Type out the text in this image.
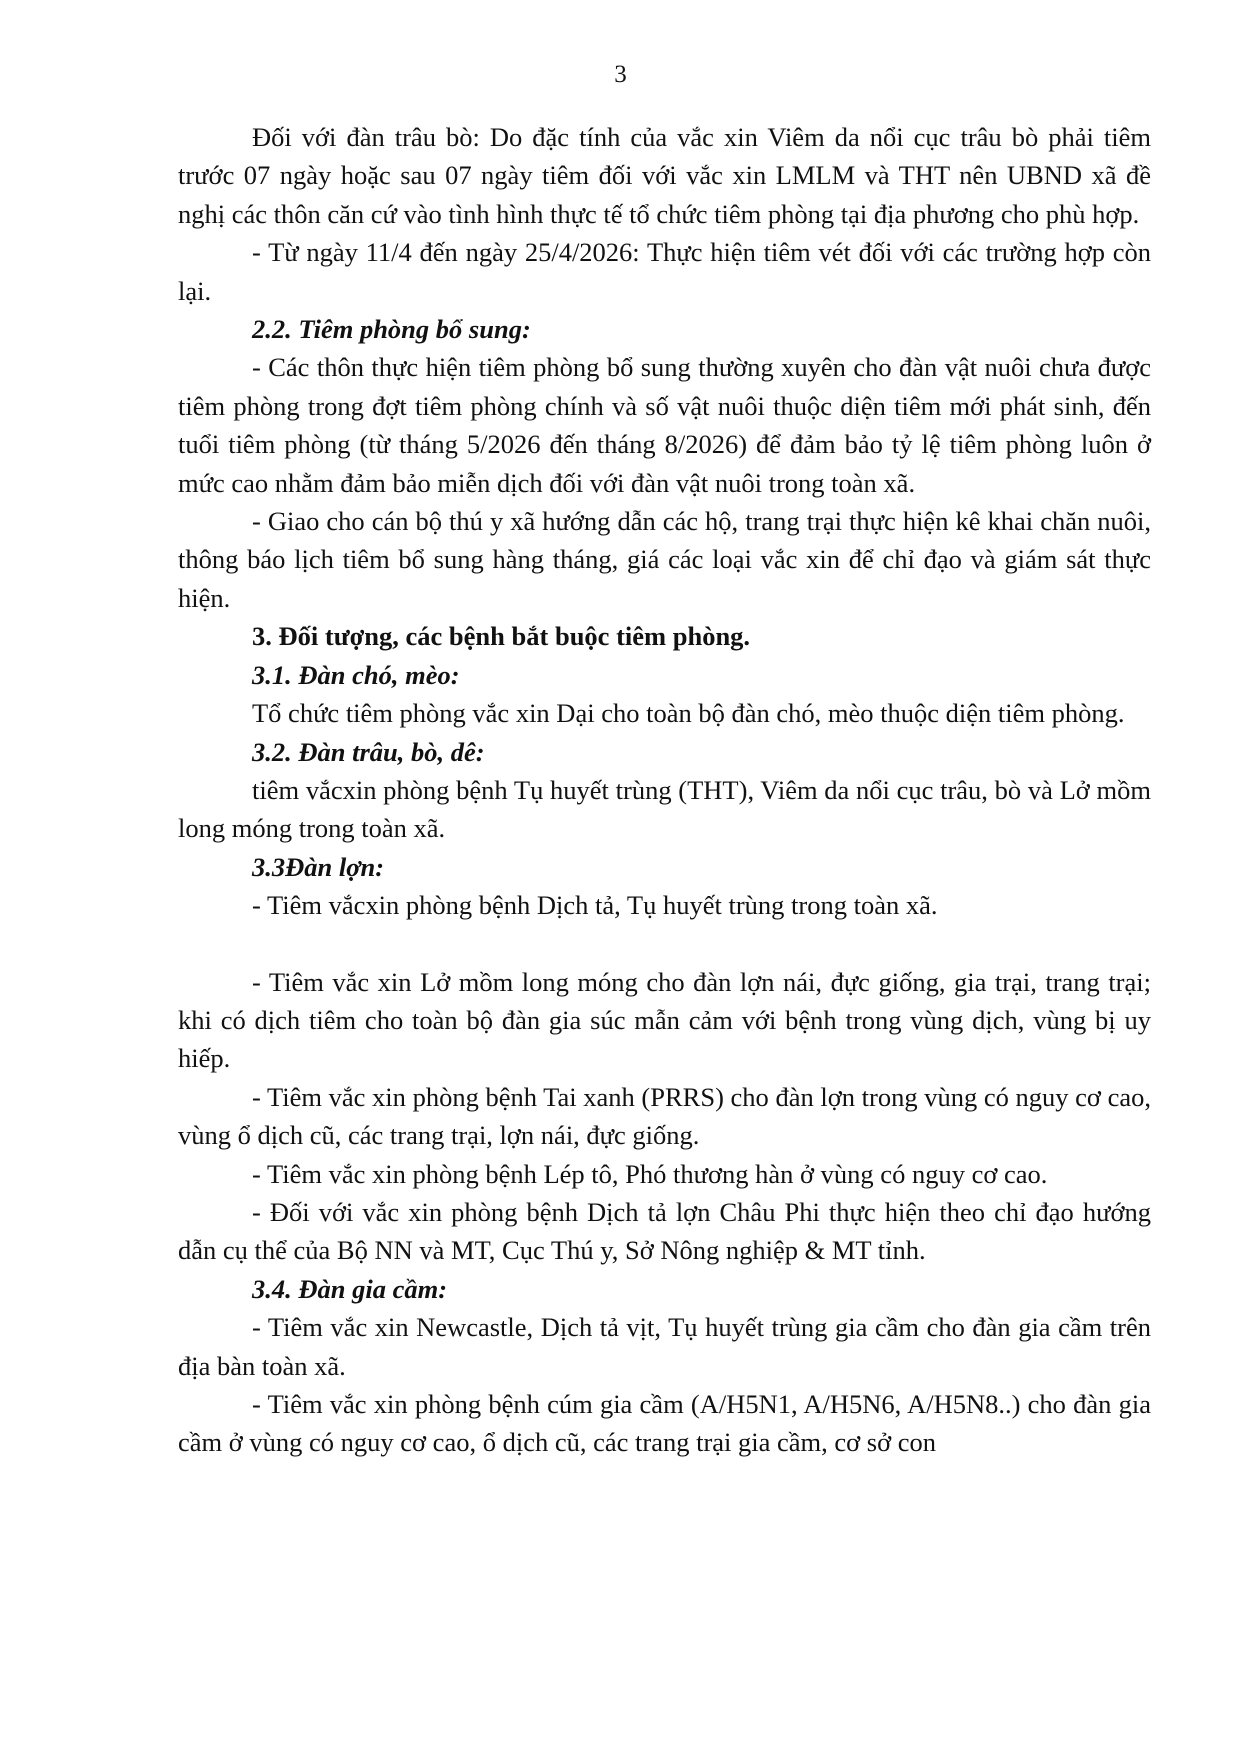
3

Đối với đàn trâu bò: Do đặc tính của vắc xin Viêm da nổi cục trâu bò phải tiêm trước 07 ngày hoặc sau 07 ngày tiêm đối với vắc xin LMLM và THT nên UBND xã đề nghị các thôn căn cứ vào tình hình thực tế tổ chức tiêm phòng tại địa phương cho phù hợp.

- Từ ngày 11/4 đến ngày 25/4/2026: Thực hiện tiêm vét đối với các trường hợp còn lại.

2.2. Tiêm phòng bổ sung:

- Các thôn thực hiện tiêm phòng bổ sung thường xuyên cho đàn vật nuôi chưa được tiêm phòng trong đợt tiêm phòng chính và số vật nuôi thuộc diện tiêm mới phát sinh, đến tuổi tiêm phòng (từ tháng 5/2026 đến tháng 8/2026) để đảm bảo tỷ lệ tiêm phòng luôn ở mức cao nhằm đảm bảo miễn dịch đối với đàn vật nuôi trong toàn xã.

- Giao cho cán bộ thú y xã hướng dẫn các hộ, trang trại thực hiện kê khai chăn nuôi, thông báo lịch tiêm bổ sung hàng tháng, giá các loại vắc xin để chỉ đạo và giám sát thực hiện.

3. Đối tượng, các bệnh bắt buộc tiêm phòng.

3.1. Đàn chó, mèo:

Tổ chức tiêm phòng vắc xin Dại cho toàn bộ đàn chó, mèo thuộc diện tiêm phòng.

3.2. Đàn trâu, bò, dê:

tiêm vắcxin phòng bệnh Tụ huyết trùng (THT), Viêm da nổi cục trâu, bò và Lở mồm long móng trong toàn xã.

3.3Đàn lợn:

- Tiêm vắcxin phòng bệnh Dịch tả, Tụ huyết trùng trong toàn xã.

- Tiêm vắc xin Lở mồm long móng cho đàn lợn nái, đực giống, gia trại, trang trại; khi có dịch tiêm cho toàn bộ đàn gia súc mẫn cảm với bệnh trong vùng dịch, vùng bị uy hiếp.

- Tiêm vắc xin phòng bệnh Tai xanh (PRRS) cho đàn lợn trong vùng có nguy cơ cao, vùng ổ dịch cũ, các trang trại, lợn nái, đực giống.

- Tiêm vắc xin phòng bệnh Lép tô, Phó thương hàn ở vùng có nguy cơ cao.

- Đối với vắc xin phòng bệnh Dịch tả lợn Châu Phi thực hiện theo chỉ đạo hướng dẫn cụ thể của Bộ NN và MT, Cục Thú y, Sở Nông nghiệp & MT tỉnh.

3.4. Đàn gia cầm:

- Tiêm vắc xin Newcastle, Dịch tả vịt, Tụ huyết trùng gia cầm cho đàn gia cầm trên địa bàn toàn xã.

- Tiêm vắc xin phòng bệnh cúm gia cầm (A/H5N1, A/H5N6, A/H5N8..) cho đàn gia cầm ở vùng có nguy cơ cao, ổ dịch cũ, các trang trại gia cầm, cơ sở con
